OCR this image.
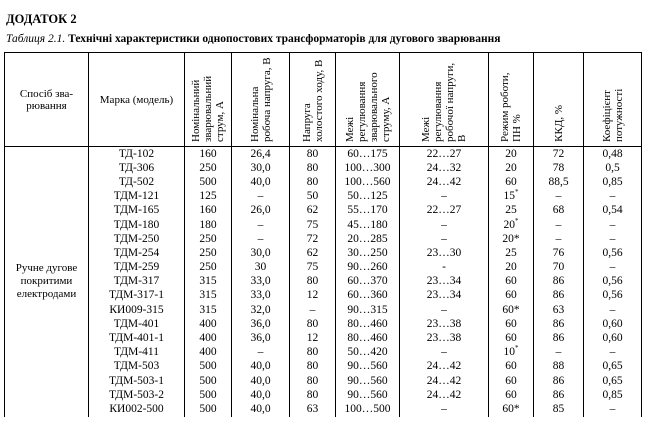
ДОДАТОК 2
Таблиця 2.1. Технічні характеристики однопостових трансформаторів для дугового зварювання
Спосіб зва-рювання	Марка (модель)	Номінальний зварювальний струм, А	Номінальна робоча напруга, В	Напруга холостого ходу, В	Межі регулювання зварювального струму, А	Межі регулювання робочої напруги, В	Режим роботи, ПН %	ККД, %	Коефіцієнт потужності

Ручне дугове покритими електродами	ТД-102	160	26,4	80	60…175	22…27	20	72	0,48
	ТД-306	250	30,0	80	100…300	24…32	20	78	0,5
	ТД-502	500	40,0	80	100…560	24…42	60	88,5	0,85
	ТДМ-121	125	–	50	50…125	–	15*	–	–
	ТДМ-165	160	26,0	62	55…170	22…27	25	68	0,54
	ТДМ-180	180	–	75	45…180	–	20*	–	–
	ТДМ-250	250	–	72	20…285	–	20*	–	–
	ТДМ-254	250	30,0	62	30…250	23…30	25	76	0,56
	ТДМ-259	250	30	75	90…260	-	20	70	–
	ТДМ-317	315	33,0	80	60…370	23…34	60	86	0,56
	ТДМ-317-1	315	33,0	12	60…360	23…34	60	86	0,56
	КИ009-315	315	32,0	–	90…315	–	60*	63	–
	ТДМ-401	400	36,0	80	80…460	23…38	60	86	0,60
	ТДМ-401-1	400	36,0	12	80…460	23…38	60	86	0,60
	ТДМ-411	400	–	80	50…420	–	10*	–	–
	ТДМ-503	500	40,0	80	90…560	24…42	60	88	0,65
	ТДМ-503-1	500	40,0	80	90…560	24…42	60	86	0,65
	ТДМ-503-2	500	40,0	80	90…560	24…42	60	86	0,85
	КИ002-500	500	40,0	63	100…500	–	60*	85	–
